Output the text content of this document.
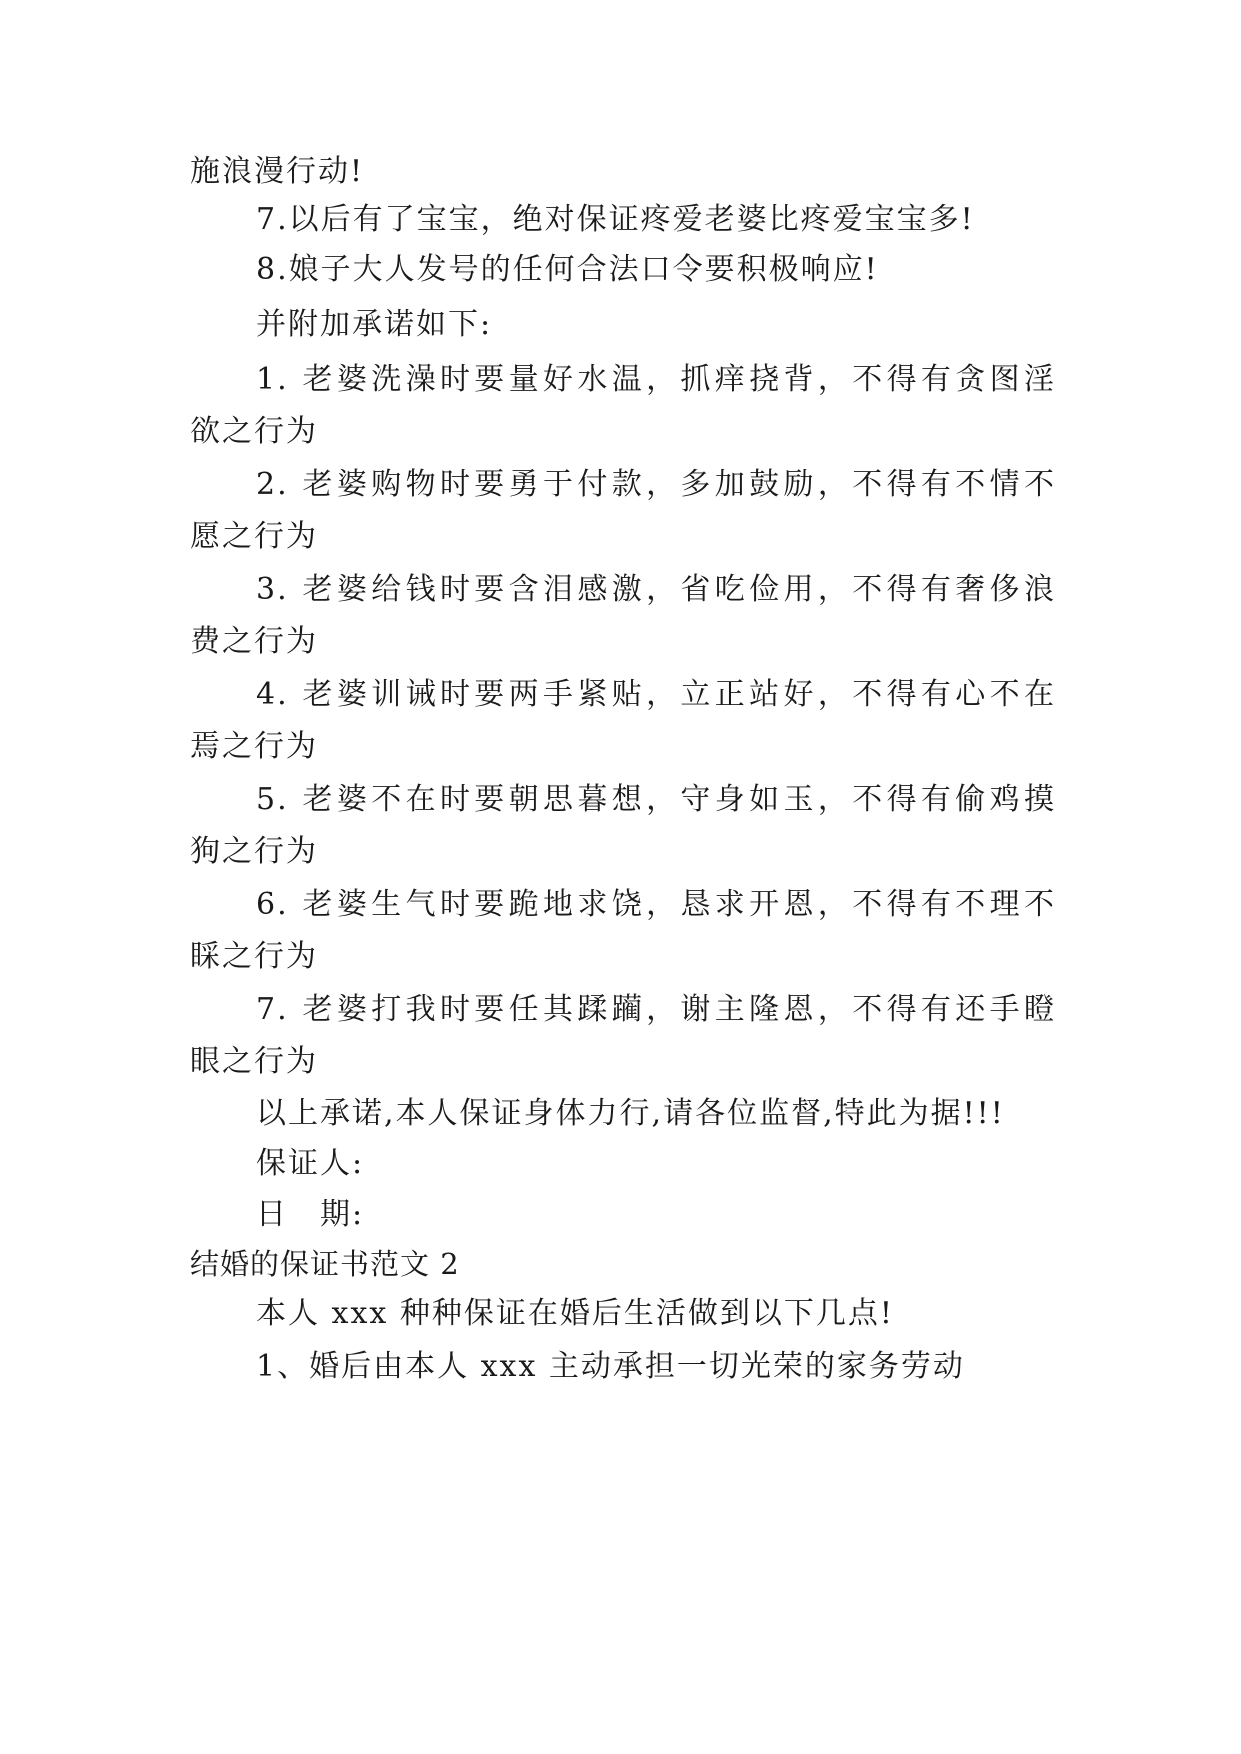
施浪漫行动!
7.以后有了宝宝，绝对保证疼爱老婆比疼爱宝宝多!
8.娘子大人发号的任何合法口令要积极响应!
并附加承诺如下:
1. 老婆洗澡时要量好水温，抓痒挠背，不得有贪图淫
欲之行为
2. 老婆购物时要勇于付款，多加鼓励，不得有不情不
愿之行为
3. 老婆给钱时要含泪感激，省吃俭用，不得有奢侈浪
费之行为
4. 老婆训诫时要两手紧贴，立正站好，不得有心不在
焉之行为
5. 老婆不在时要朝思暮想，守身如玉，不得有偷鸡摸
狗之行为
6. 老婆生气时要跪地求饶，恳求开恩，不得有不理不
睬之行为
7. 老婆打我时要任其蹂躏，谢主隆恩，不得有还手瞪
眼之行为
以上承诺,本人保证身体力行,请各位监督,特此为据!!!
保证人:
日　期:
结婚的保证书范文 2
本人 xxx 种种保证在婚后生活做到以下几点!
1、婚后由本人 xxx 主动承担一切光荣的家务劳动
